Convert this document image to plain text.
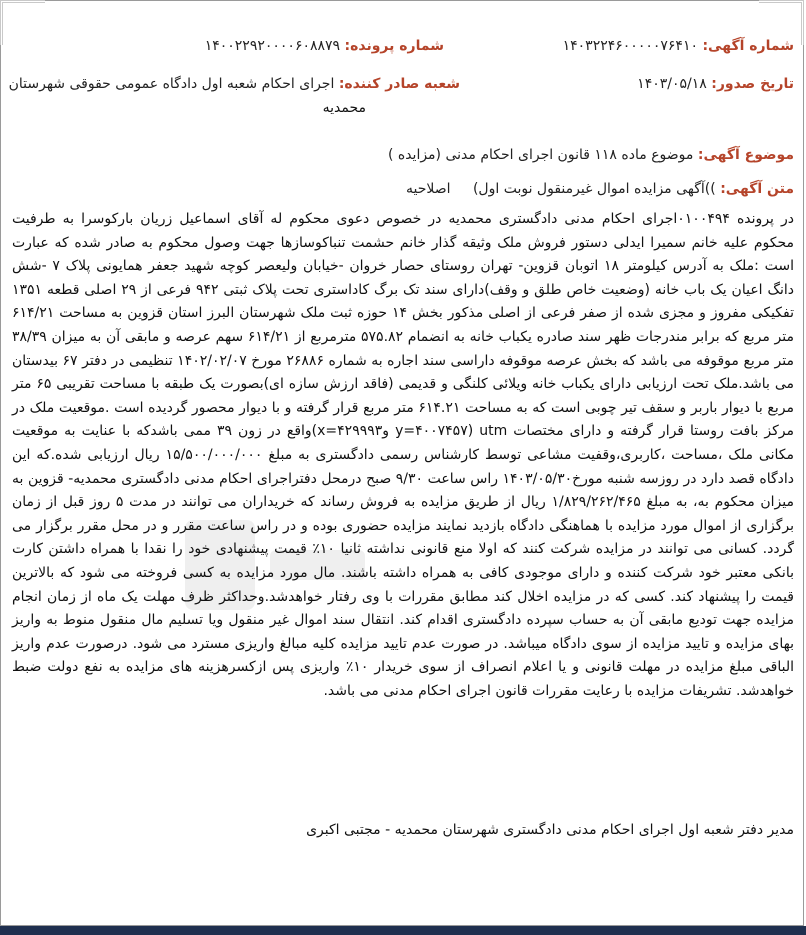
شماره آگهی: ۱۴۰۳۲۲۴۶۰۰۰۰۰۷۶۴۱۰
شماره پرونده: ۱۴۰۰۲۲۹۲۰۰۰۰۶۰۸۸۷۹
تاریخ صدور: ۱۴۰۳/۰۵/۱۸
شعبه صادر کننده: اجرای احکام شعبه اول دادگاه عمومی حقوقی شهرستان
محمدیه
موضوع آگهی: موضوع ماده ۱۱۸ قانون اجرای احکام مدنی (مزایده )
متن آگهی: ))آگهی مزایده اموال غیرمنقول نوبت اول) اصلاحیه
در پرونده ۰۱۰۰۴۹۴اجرای احکام مدنی دادگستری محمدیه در خصوص دعوی محکوم له آقای اسماعیل زریان بارکوسرا به طرفیت محکوم علیه خانم سمیرا ایدلی دستور فروش ملک وثیقه گذار خانم حشمت تنباکوسازها جهت وصول محکوم به صادر شده که عبارت است :ملک به آدرس کیلومتر ۱۸ اتوبان قزوین- تهران روستای حصار خروان -خیابان ولیعصر کوچه شهید جعفر همایونی پلاک ۷ -شش دانگ اعیان یک باب خانه (وضعیت خاص طلق و وقف)دارای سند تک برگ کاداستری تحت پلاک ثبتی ۹۴۲ فرعی از ۲۹ اصلی قطعه ۱۳۵۱ تفکیکی مفروز و مجزی شده از صفر فرعی از اصلی مذکور بخش ۱۴ حوزه ثبت ملک شهرستان البرز استان قزوین به مساحت ۶۱۴/۲۱ متر مربع که برابر مندرجات ظهر سند صادره یکباب خانه به انضمام ۵۷۵.۸۲ مترمربع از ۶۱۴/۲۱ سهم عرصه و مابقی آن به میزان ۳۸/۳۹ متر مربع موقوفه می باشد که بخش عرصه موقوفه داراسی سند اجاره به شماره ۲۶۸۸۶ مورخ ۱۴۰۲/۰۲/۰۷ تنظیمی در دفتر ۶۷ بیدستان می باشد.ملک تحت ارزیابی دارای یکباب خانه ویلائی کلنگی و قدیمی (فاقد ارزش سازه ای)بصورت یک طبقه با مساحت تقریبی ۶۵ متر مربع با دیوار باربر و سقف تیر چوبی است که به مساحت ۶۱۴.۲۱ متر مربع قرار گرفته و با دیوار محصور گردیده است .موقعیت ملک در مرکز بافت روستا قرار گرفته و دارای مختصات utm (y=۴۰۰۷۴۵۷ وx=۴۲۹۹۹۳)واقع در زون ۳۹ ممی باشدکه با عنایت به موقعیت مکانی ملک ،مساحت ،کاربری،وقفیت مشاعی توسط کارشناس رسمی دادگستری به مبلغ ۱۵/۵۰۰/۰۰۰/۰۰۰ ریال ارزیابی شده.که این دادگاه قصد دارد در روزسه شنبه مورخ۱۴۰۳/۰۵/۳۰ راس ساعت ۹/۳۰ صبح درمحل دفتراجرای احکام مدنی دادگستری محمدیه- قزوین به میزان محکوم به، به مبلغ ۱/۸۲۹/۲۶۲/۴۶۵ ریال از طریق مزایده به فروش رساند که خریداران می توانند در مدت ۵ روز قبل از زمان برگزاری از اموال مورد مزایده با هماهنگی دادگاه بازدید نمایند مزایده حضوری بوده و در راس ساعت مقرر و در محل مقرر برگزار می گردد. کسانی می توانند در مزایده شرکت کنند که اولا منع قانونی نداشته ثانیا ۱۰٪ قیمت پیشنهادی خود را نقدا با همراه داشتن کارت بانکی معتبر خود شرکت کننده و دارای موجودی کافی به همراه داشته باشند. مال مورد مزایده به کسی فروخته می شود که بالاترین قیمت را پیشنهاد کند. کسی که در مزایده اخلال کند مطابق مقررات با وی رفتار خواهدشد.وحداکثر ظرف مهلت یک ماه از زمان انجام مزایده جهت تودیع مابقی آن به حساب سپرده دادگستری اقدام کند. انتقال سند اموال غیر منقول ویا تسلیم مال منقول منوط به واریز بهای مزایده و تایید مزایده از سوی دادگاه میباشد. در صورت عدم تایید مزایده کلیه مبالغ واریزی مسترد می شود. درصورت عدم واریز الباقی مبلغ مزایده در مهلت قانونی و یا اعلام انصراف از سوی خریدار ۱۰٪ واریزی پس ازکسرهزینه های مزایده به نفع دولت ضبط خواهدشد. تشریفات مزایده با رعایت مقررات قانون اجرای احکام مدنی می باشد.
مدیر دفتر شعبه اول اجرای احکام مدنی دادگستری شهرستان محمدیه - مجتبی اکبری
